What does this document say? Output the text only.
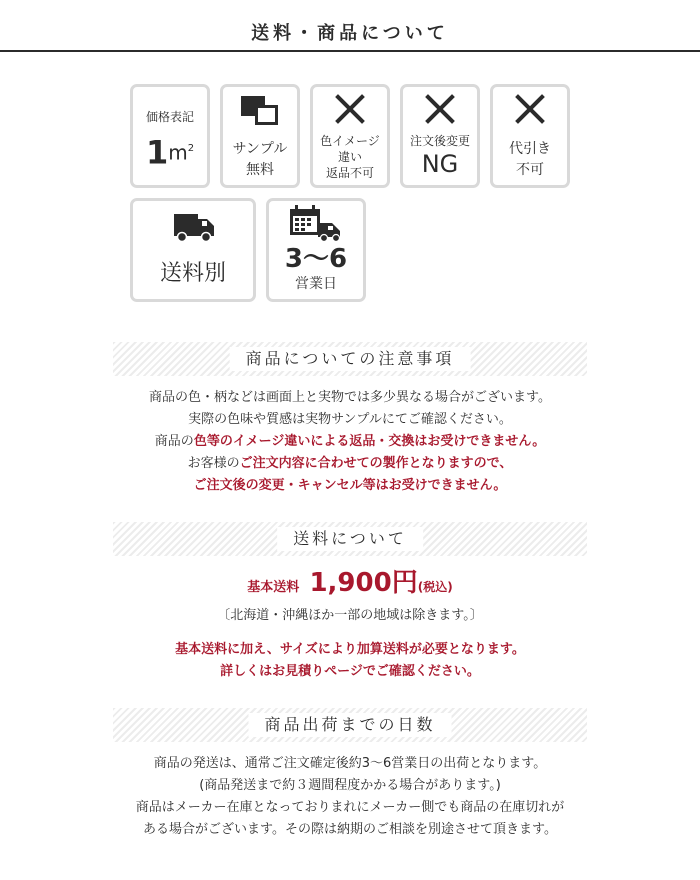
送料・商品について
価格表記
$1m^2$	サンプル
無料
色イメージ
違い
返品不可
注文後変更
NG
代引き
不可
送料別	3〜6
営業日
商品についての注意事項
商品の色・柄などは画面上と実物では多少異なる場合がございます。
実際の色味や質感は実物サンプルにてご確認ください。
商品の色等のイメージ違いによる返品・交換はお受けできません。
お客様のご注文内容に合わせての製作となりますので、
ご注文後の変更・キャンセル等はお受けできません。
送料について
基本送料 1,900円(税込)
〔北海道・沖縄ほか一部の地域は除きます。〕
基本送料に加え、サイズにより加算送料が必要となります。
詳しくはお見積りページでご確認ください。
商品出荷までの日数
商品の発送は、通常ご注文確定後約3〜6営業日の出荷となります。
(商品発送まで約３週間程度かかる場合があります。)
商品はメーカー在庫となっておりまれにメーカー側でも商品の在庫切れが
ある場合がございます。その際は納期のご相談を別途させて頂きます。
